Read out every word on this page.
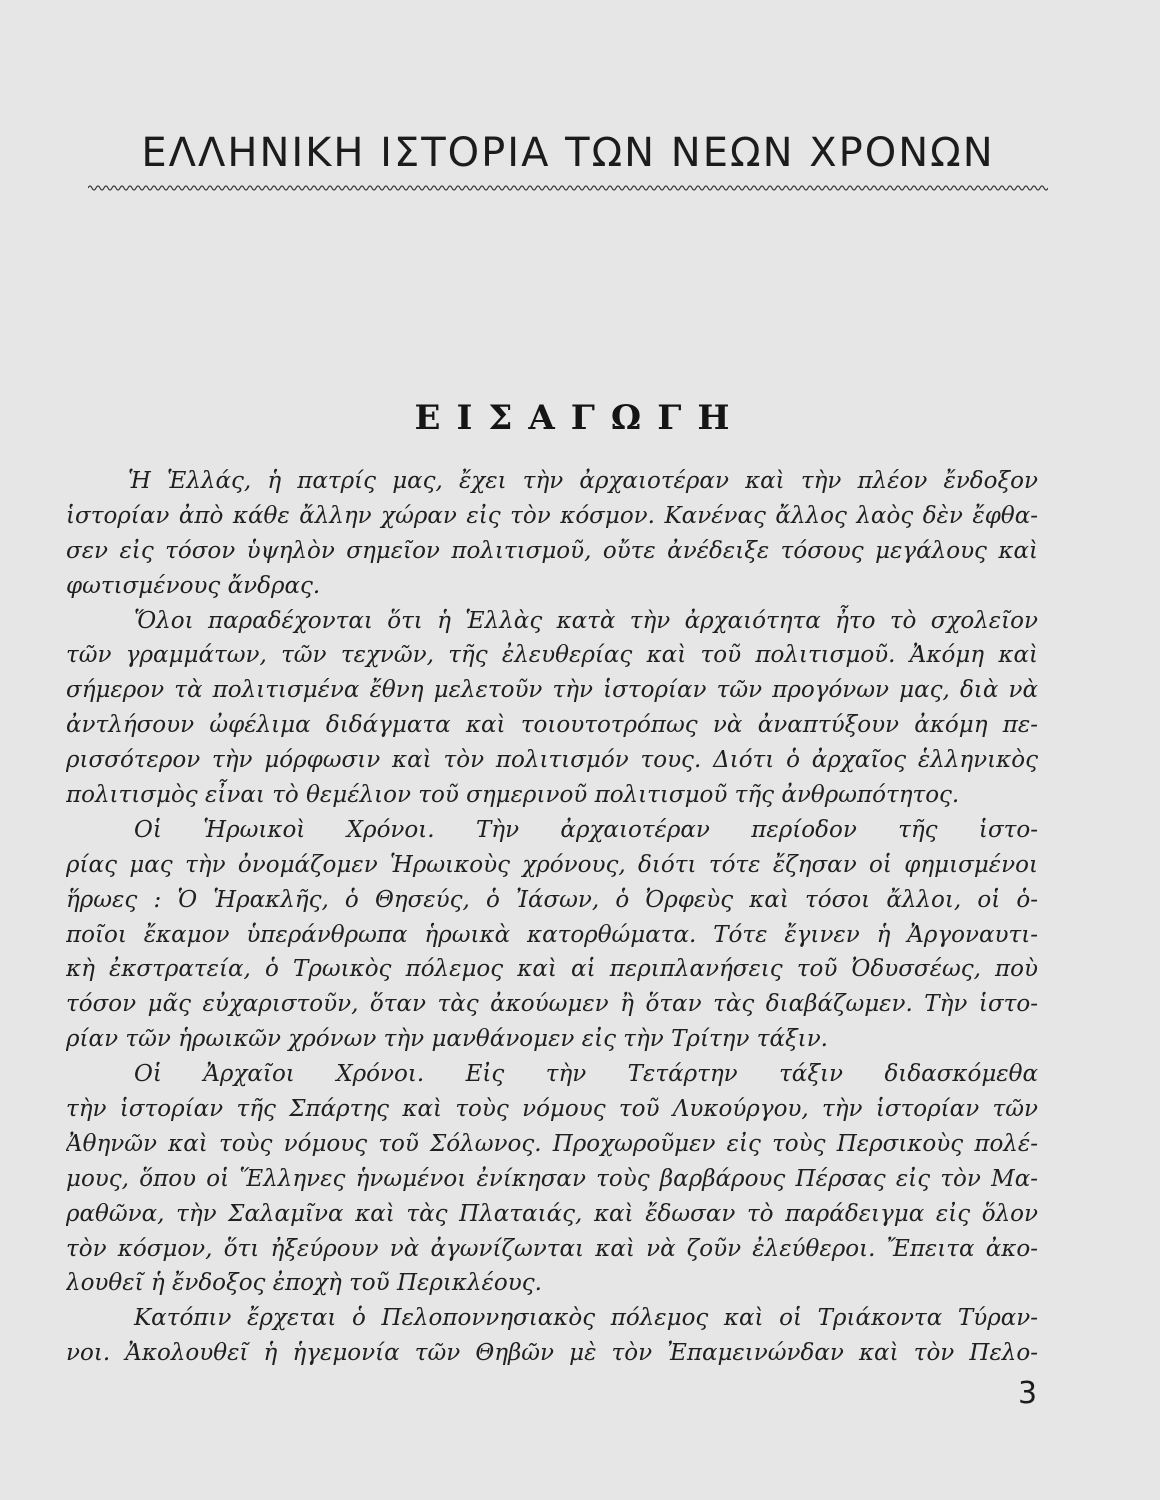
ΕΛΛΗΝΙΚΗ ΙΣΤΟΡΙΑ ΤΩΝ ΝΕΩΝ ΧΡΟΝΩΝ
ΕΙΣΑΓΩΓΗ
Ἡ Ἑλλάς, ἡ πατρίς μας, ἔχει τὴν ἀρχαιοτέραν καὶ τὴν πλέον ἔνδοξον
ἱστορίαν ἀπὸ κάθε ἄλλην χώραν εἰς τὸν κόσμον. Κανένας ἄλλος λαὸς δὲν ἔφθα-
σεν εἰς τόσον ὑψηλὸν σημεῖον πολιτισμοῦ, οὔτε ἀνέδειξε τόσους μεγάλους καὶ
φωτισμένους ἄνδρας.
Ὅλοι παραδέχονται ὅτι ἡ Ἑλλὰς κατὰ τὴν ἀρχαιότητα ἦτο τὸ σχολεῖον
τῶν γραμμάτων, τῶν τεχνῶν, τῆς ἐλευθερίας καὶ τοῦ πολιτισμοῦ. Ἀκόμη καὶ
σήμερον τὰ πολιτισμένα ἔθνη μελετοῦν τὴν ἱστορίαν τῶν προγόνων μας, διὰ νὰ
ἀντλήσουν ὠφέλιμα διδάγματα καὶ τοιουτοτρόπως νὰ ἀναπτύξουν ἀκόμη πε-
ρισσότερον τὴν μόρφωσιν καὶ τὸν πολιτισμόν τους. Διότι ὁ ἀρχαῖος ἑλληνικὸς
πολιτισμὸς εἶναι τὸ θεμέλιον τοῦ σημερινοῦ πολιτισμοῦ τῆς ἀνθρωπότητος.
Οἱ Ἡρωικοὶ Χρόνοι. Τὴν ἀρχαιοτέραν περίοδον τῆς ἱστο-
ρίας μας τὴν ὀνομάζομεν Ἡρωικοὺς χρόνους, διότι τότε ἔζησαν οἱ φημισμένοι
ἥρωες : Ὁ Ἡρακλῆς, ὁ Θησεύς, ὁ Ἰάσων, ὁ Ὀρφεὺς καὶ τόσοι ἄλλοι, οἱ ὁ-
ποῖοι ἔκαμον ὑπεράνθρωπα ἡρωικὰ κατορθώματα. Τότε ἔγινεν ἡ Ἀργοναυτι-
κὴ ἐκστρατεία, ὁ Τρωικὸς πόλεμος καὶ αἱ περιπλανήσεις τοῦ Ὀδυσσέως, ποὺ
τόσον μᾶς εὐχαριστοῦν, ὅταν τὰς ἀκούωμεν ἢ ὅταν τὰς διαβάζωμεν. Τὴν ἱστο-
ρίαν τῶν ἡρωικῶν χρόνων τὴν μανθάνομεν εἰς τὴν Τρίτην τάξιν.
Οἱ Ἀρχαῖοι Χρόνοι. Εἰς τὴν Τετάρτην τάξιν διδασκόμεθα
τὴν ἱστορίαν τῆς Σπάρτης καὶ τοὺς νόμους τοῦ Λυκούργου, τὴν ἱστορίαν τῶν
Ἀθηνῶν καὶ τοὺς νόμους τοῦ Σόλωνος. Προχωροῦμεν εἰς τοὺς Περσικοὺς πολέ-
μους, ὅπου οἱ Ἕλληνες ἡνωμένοι ἐνίκησαν τοὺς βαρβάρους Πέρσας εἰς τὸν Μα-
ραθῶνα, τὴν Σαλαμῖνα καὶ τὰς Πλαταιάς, καὶ ἔδωσαν τὸ παράδειγμα εἰς ὅλον
τὸν κόσμον, ὅτι ἠξεύρουν νὰ ἀγωνίζωνται καὶ νὰ ζοῦν ἐλεύθεροι. Ἔπειτα ἀκο-
λουθεῖ ἡ ἔνδοξος ἐποχὴ τοῦ Περικλέους.
Κατόπιν ἔρχεται ὁ Πελοποννησιακὸς πόλεμος καὶ οἱ Τριάκοντα Τύραν-
νοι. Ἀκολουθεῖ ἡ ἡγεμονία τῶν Θηβῶν μὲ τὸν Ἐπαμεινώνδαν καὶ τὸν Πελο-
3
